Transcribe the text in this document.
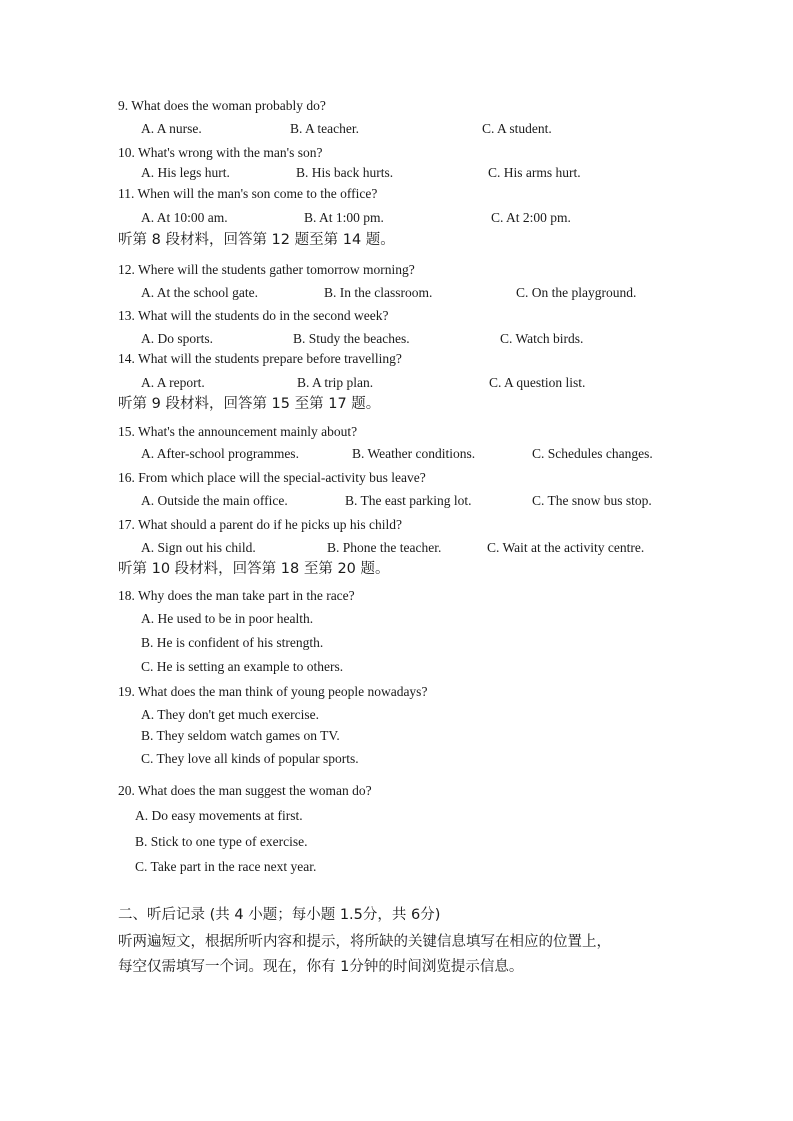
9. What does the woman probably do?
A. A nurse.	B. A teacher.	C. A student.
10. What's wrong with the man's son?
A. His legs hurt.	B. His back hurts.	C. His arms hurt.
11. When will the man's son come to the office?
A. At 10:00 am.	B. At 1:00 pm.	C. At 2:00 pm.
听第 8 段材料，回答第 12 题至第 14 题。
12. Where will the students gather tomorrow morning?
A. At the school gate.	B. In the classroom.	C. On the playground.
13. What will the students do in the second week?
A. Do sports.	B. Study the beaches.	C. Watch birds.
14. What will the students prepare before travelling?
A. A report.	B. A trip plan.	C. A question list.
听第 9 段材料，回答第 15 至第 17 题。
15. What's the announcement mainly about?
A. After-school programmes.	B. Weather conditions.	C. Schedules changes.
16. From which place will the special-activity bus leave?
A. Outside the main office.	B. The east parking lot.	C. The snow bus stop.
17. What should a parent do if he picks up his child?
A. Sign out his child.	B. Phone the teacher.	C. Wait at the activity centre.
听第 10 段材料，回答第 18 至第 20 题。
18. Why does the man take part in the race?
A. He used to be in poor health.
B. He is confident of his strength.
C. He is setting an example to others.
19. What does the man think of young people nowadays?
A. They don't get much exercise.
B. They seldom watch games on TV.
C. They love all kinds of popular sports.
20. What does the man suggest the woman do?
A. Do easy movements at first.
B. Stick to one type of exercise.
C. Take part in the race next year.
二、听后记录 (共 4 小题；每小题 1.5分，共 6分)
听两遍短文，根据所听内容和提示，将所缺的关键信息填写在相应的位置上，
每空仅需填写一个词。现在，你有 1分钟的时间浏览提示信息。
